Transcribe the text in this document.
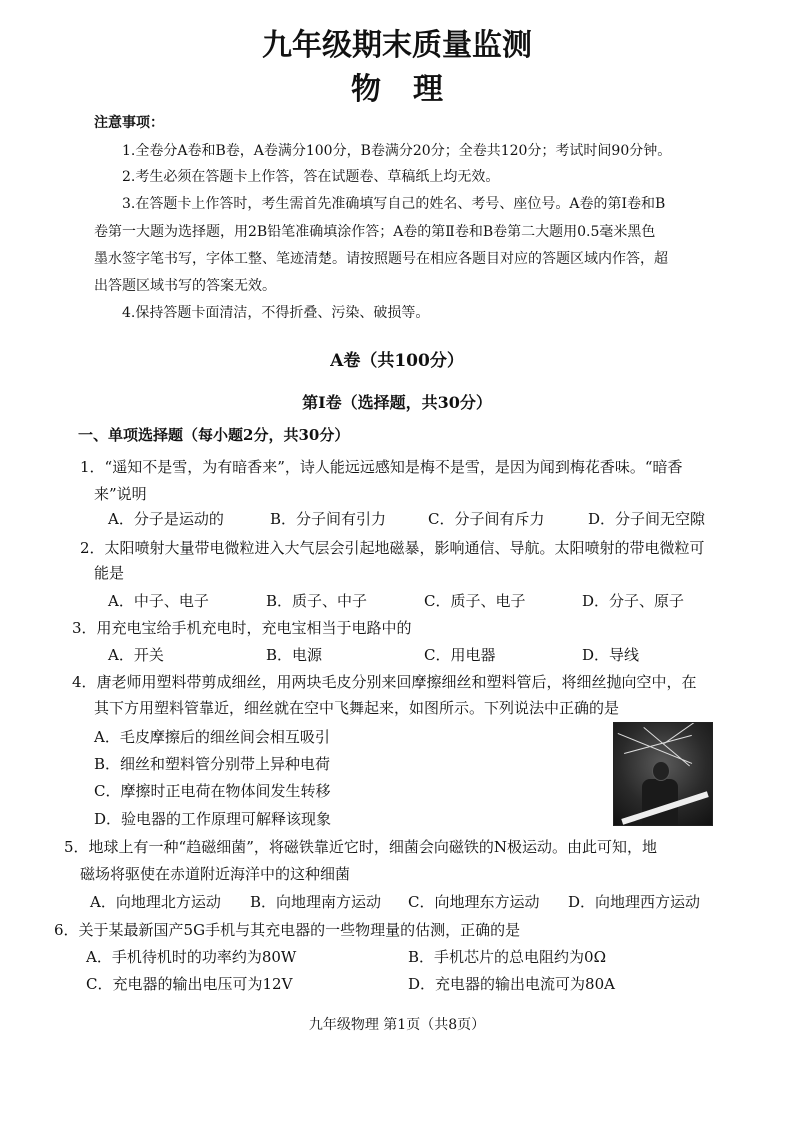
九年级期末质量监测
物理
注意事项：
1.全卷分A卷和B卷，A卷满分100分，B卷满分20分；全卷共120分；考试时间90分钟。
2.考生必须在答题卡上作答，答在试题卷、草稿纸上均无效。
3.在答题卡上作答时，考生需首先准确填写自己的姓名、考号、座位号。A卷的第Ⅰ卷和B
卷第一大题为选择题，用2B铅笔准确填涂作答；A卷的第Ⅱ卷和B卷第二大题用0.5毫米黑色
墨水签字笔书写，字体工整、笔迹清楚。请按照题号在相应各题目对应的答题区域内作答，超
出答题区域书写的答案无效。
4.保持答题卡面清洁，不得折叠、污染、破损等。
A卷（共100分）
第Ⅰ卷（选择题，共30分）
一、单项选择题（每小题2分，共30分）
1．“遥知不是雪，为有暗香来”，诗人能远远感知是梅不是雪，是因为闻到梅花香味。“暗香
来”说明
A．分子是运动的	B．分子间有引力	C．分子间有斥力	D．分子间无空隙
2．太阳喷射大量带电微粒进入大气层会引起地磁暴，影响通信、导航。太阳喷射的带电微粒可
能是
A．中子、电子	B．质子、中子	C．质子、电子	D．分子、原子
3．用充电宝给手机充电时，充电宝相当于电路中的
A．开关	B．电源	C．用电器	D．导线
4．唐老师用塑料带剪成细丝，用两块毛皮分别来回摩擦细丝和塑料管后，将细丝抛向空中，在
其下方用塑料管靠近，细丝就在空中飞舞起来，如图所示。下列说法中正确的是
A．毛皮摩擦后的细丝间会相互吸引
B．细丝和塑料管分别带上异种电荷
C．摩擦时正电荷在物体间发生转移
D．验电器的工作原理可解释该现象
5．地球上有一种“趋磁细菌”，将磁铁靠近它时，细菌会向磁铁的N极运动。由此可知，地
磁场将驱使在赤道附近海洋中的这种细菌
A．向地理北方运动 B．向地理南方运动 C．向地理东方运动 D．向地理西方运动
6．关于某最新国产5G手机与其充电器的一些物理量的估测，正确的是
A．手机待机时的功率约为80W	B．手机芯片的总电阻约为0Ω
C．充电器的输出电压可为12V	D．充电器的输出电流可为80A
九年级物理 第1页（共8页）
